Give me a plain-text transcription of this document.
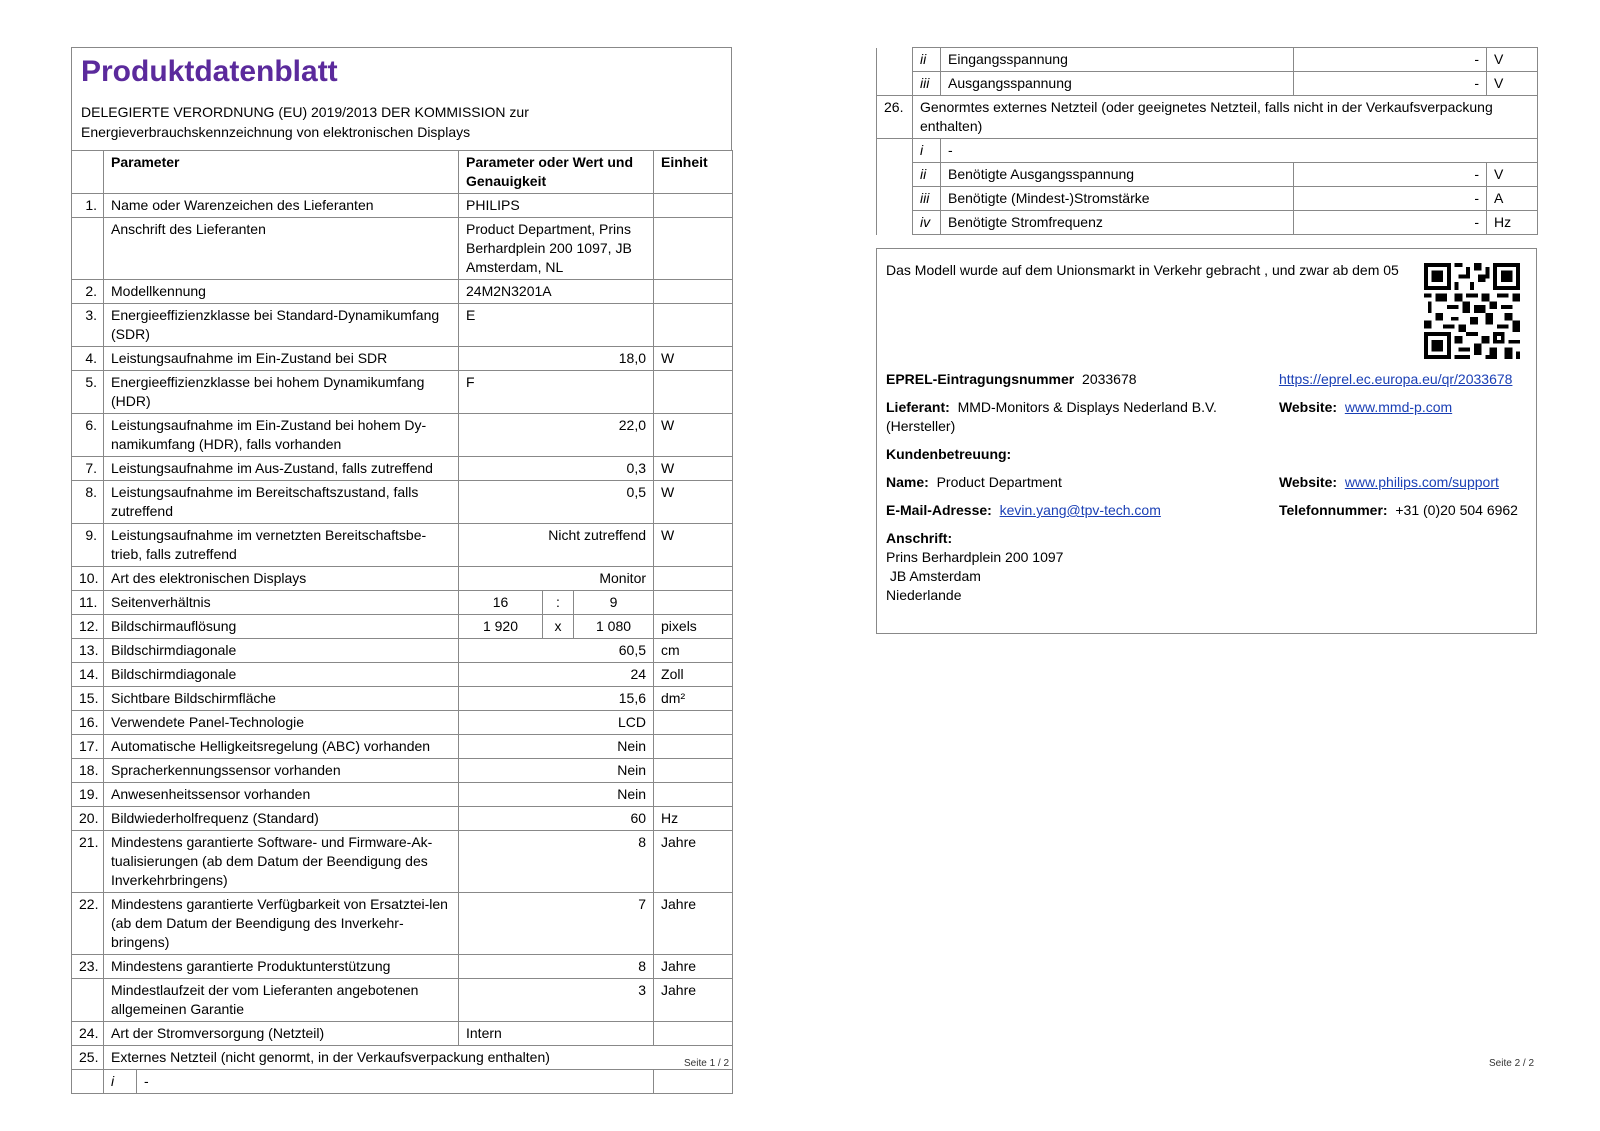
Produktdatenblatt
DELEGIERTE VERORDNUNG (EU) 2019/2013 DER KOMMISSION zur Energieverbrauchskennzeichnung von elektronischen Displays
	Parameter	Parameter oder Wert und Genauigkeit	Einheit
1.	Name oder Warenzeichen des Lieferanten	PHILIPS	
	Anschrift des Lieferanten	Product Department, Prins Berhardplein 200 1097, JB Amsterdam, NL	
2.	Modellkennung	24M2N3201A	
3.	Energieeffizienzklasse bei Standard-Dynamikumfang (SDR)	E	
4.	Leistungsaufnahme im Ein-Zustand bei SDR	18,0	W
5.	Energieeffizienzklasse bei hohem Dynamikumfang (HDR)	F	
6.	Leistungsaufnahme im Ein-Zustand bei hohem Dy-namikumfang (HDR), falls vorhanden	22,0	W
7.	Leistungsaufnahme im Aus-Zustand, falls zutreffend	0,3	W
8.	Leistungsaufnahme im Bereitschaftszustand, falls zutreffend	0,5	W
9.	Leistungsaufnahme im vernetzten Bereitschaftsbe-trieb, falls zutreffend	Nicht zutreffend	W
10.	Art des elektronischen Displays	Monitor	
11.	Seitenverhältnis	16	:	9	
12.	Bildschirmauflösung	1 920	x	1 080	pixels
13.	Bildschirmdiagonale	60,5	cm
14.	Bildschirmdiagonale	24	Zoll
15.	Sichtbare Bildschirmfläche	15,6	dm²
16.	Verwendete Panel-Technologie	LCD	
17.	Automatische Helligkeitsregelung (ABC) vorhanden	Nein	
18.	Spracherkennungssensor vorhanden	Nein	
19.	Anwesenheitssensor vorhanden	Nein	
20.	Bildwiederholfrequenz (Standard)	60	Hz
21.	Mindestens garantierte Software- und Firmware-Ak-tualisierungen (ab dem Datum der Beendigung des Inverkehrbringens)	8	Jahre
22.	Mindestens garantierte Verfügbarkeit von Ersatztei-len (ab dem Datum der Beendigung des Inverkehr-bringens)	7	Jahre
23.	Mindestens garantierte Produktunterstützung	8	Jahre
	Mindestlaufzeit der vom Lieferanten angebotenen allgemeinen Garantie	3	Jahre
24.	Art der Stromversorgung (Netzteil)	Intern	
25.	Externes Netzteil (nicht genormt, in der Verkaufsverpackung enthalten)

i	-

Seite 1 / 2
	ii	Eingangsspannung	-	V
	iii	Ausgangsspannung	-	V
26.	Genormtes externes Netzteil (oder geeignetes Netzteil, falls nicht in der Verkaufsverpackung enthalten)			
	i	-		
	ii	Benötigte Ausgangsspannung	-	V
	iii	Benötigte (Mindest-)Stromstärke	-	A
	iv	Benötigte Stromfrequenz	-	Hz
Das Modell wurde auf dem Unionsmarkt in Verkehr gebracht , und zwar ab dem 05
EPREL-Eintragungsnummer 2033678	https://eprel.ec.europa.eu/qr/2033678
Lieferant: MMD-Monitors & Displays Nederland B.V. (Hersteller)
Website: www.mmd-p.com
Kundenbetreuung:
Name: Product Department	Website: www.philips.com/support
E-Mail-Adresse: kevin.yang@tpv-tech.com	Telefonnummer: +31 (0)20 504 6962
Anschrift:
Prins Berhardplein 200 1097
JB Amsterdam
Niederlande
Seite 2 / 2
